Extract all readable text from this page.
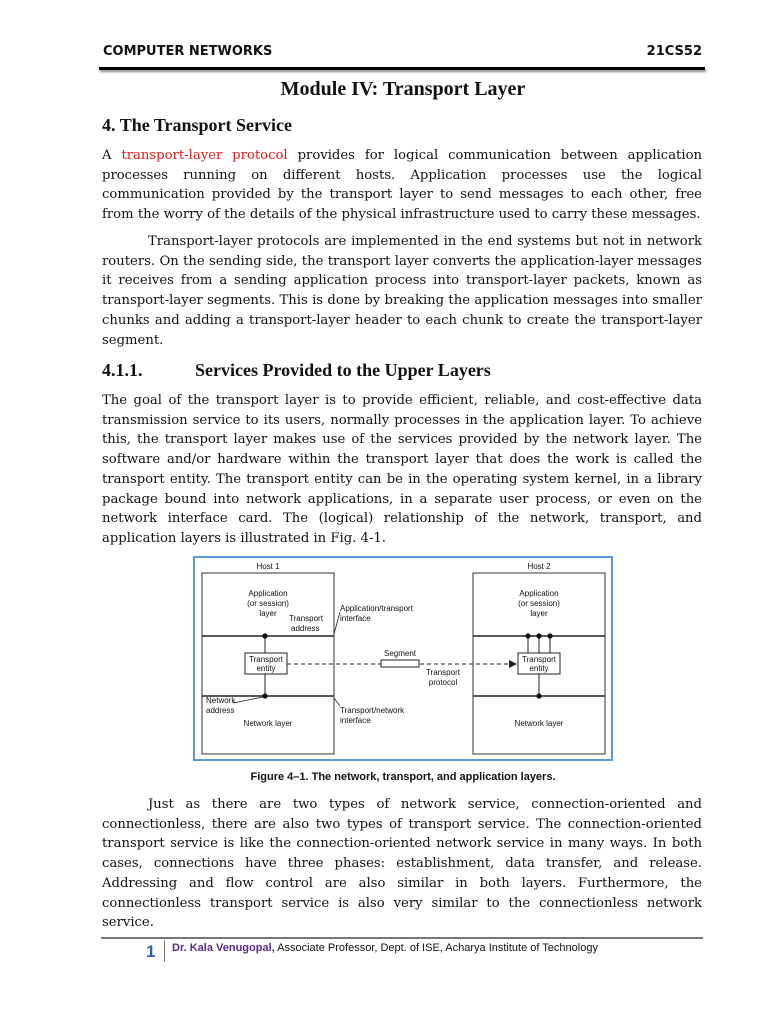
COMPUTER NETWORKS	21CS52
Module IV: Transport Layer
4. The Transport Service

A transport-layer protocol provides for logical communication between application processes running on different hosts. Application processes use the logical communication provided by the transport layer to send messages to each other, free from the worry of the details of the physical infrastructure used to carry these messages.

Transport-layer protocols are implemented in the end systems but not in network routers. On the sending side, the transport layer converts the application-layer messages it receives from a sending application process into transport-layer packets, known as transport-layer segments. This is done by breaking the application messages into smaller chunks and adding a transport-layer header to each chunk to create the transport-layer segment.

4.1.1.	Services Provided to the Upper Layers

The goal of the transport layer is to provide efficient, reliable, and cost-effective data transmission service to its users, normally processes in the application layer. To achieve this, the transport layer makes use of the services provided by the network layer. The software and/or hardware within the transport layer that does the work is called the transport entity. The transport entity can be in the operating system kernel, in a library package bound into network applications, in a separate user process, or even on the network interface card. The (logical) relationship of the network, transport, and application layers is illustrated in Fig. 4-1.

Host 1	Host 2
Application
(or session)
layer
Transport
address
Transport
entity
Network
address
Network layer
Application/transport
interface
Transport/network
interface
Segment
Transport
protocol
Application
(or session)
layer
Transport
entity
Network layer
Figure 4–1. The network, transport, and application layers.

Just as there are two types of network service, connection-oriented and connectionless, there are also two types of transport service. The connection-oriented transport service is like the connection-oriented network service in many ways. In both cases, connections have three phases: establishment, data transfer, and release. Addressing and flow control are also similar in both layers. Furthermore, the connectionless transport service is also very similar to the connectionless network service.

1 Dr. Kala Venugopal, Associate Professor, Dept. of ISE, Acharya Institute of Technology
